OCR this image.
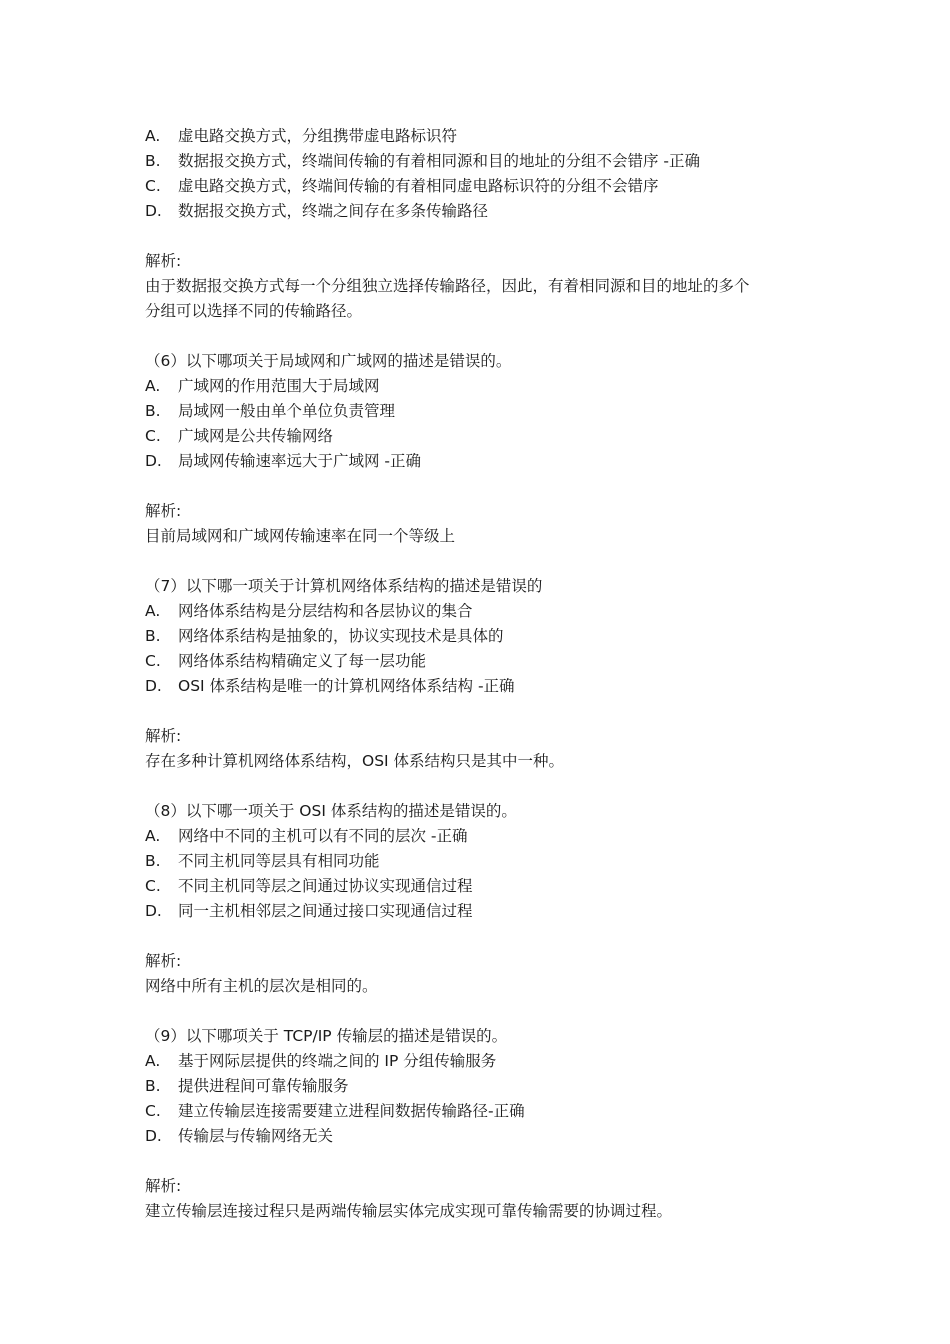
A.	虚电路交换方式，分组携带虚电路标识符
B.	数据报交换方式，终端间传输的有着相同源和目的地址的分组不会错序 -正确
C.	虚电路交换方式，终端间传输的有着相同虚电路标识符的分组不会错序
D.	数据报交换方式，终端之间存在多条传输路径
解析:
由于数据报交换方式每一个分组独立选择传输路径，因此，有着相同源和目的地址的多个
分组可以选择不同的传输路径。
（6）以下哪项关于局域网和广域网的描述是错误的。
A.	广域网的作用范围大于局域网
B.	局域网一般由单个单位负责管理
C.	广域网是公共传输网络
D.	局域网传输速率远大于广域网 -正确
解析:
目前局域网和广域网传输速率在同一个等级上
（7）以下哪一项关于计算机网络体系结构的描述是错误的
A.	网络体系结构是分层结构和各层协议的集合
B.	网络体系结构是抽象的，协议实现技术是具体的
C.	网络体系结构精确定义了每一层功能
D.	OSI 体系结构是唯一的计算机网络体系结构 -正确
解析:
存在多种计算机网络体系结构，OSI 体系结构只是其中一种。
（8）以下哪一项关于 OSI 体系结构的描述是错误的。
A.	网络中不同的主机可以有不同的层次 -正确
B.	不同主机同等层具有相同功能
C.	不同主机同等层之间通过协议实现通信过程
D.	同一主机相邻层之间通过接口实现通信过程
解析:
网络中所有主机的层次是相同的。
（9）以下哪项关于 TCP/IP 传输层的描述是错误的。
A.	基于网际层提供的终端之间的 IP 分组传输服务
B.	提供进程间可靠传输服务
C.	建立传输层连接需要建立进程间数据传输路径-正确
D.	传输层与传输网络无关
解析:
建立传输层连接过程只是两端传输层实体完成实现可靠传输需要的协调过程。
